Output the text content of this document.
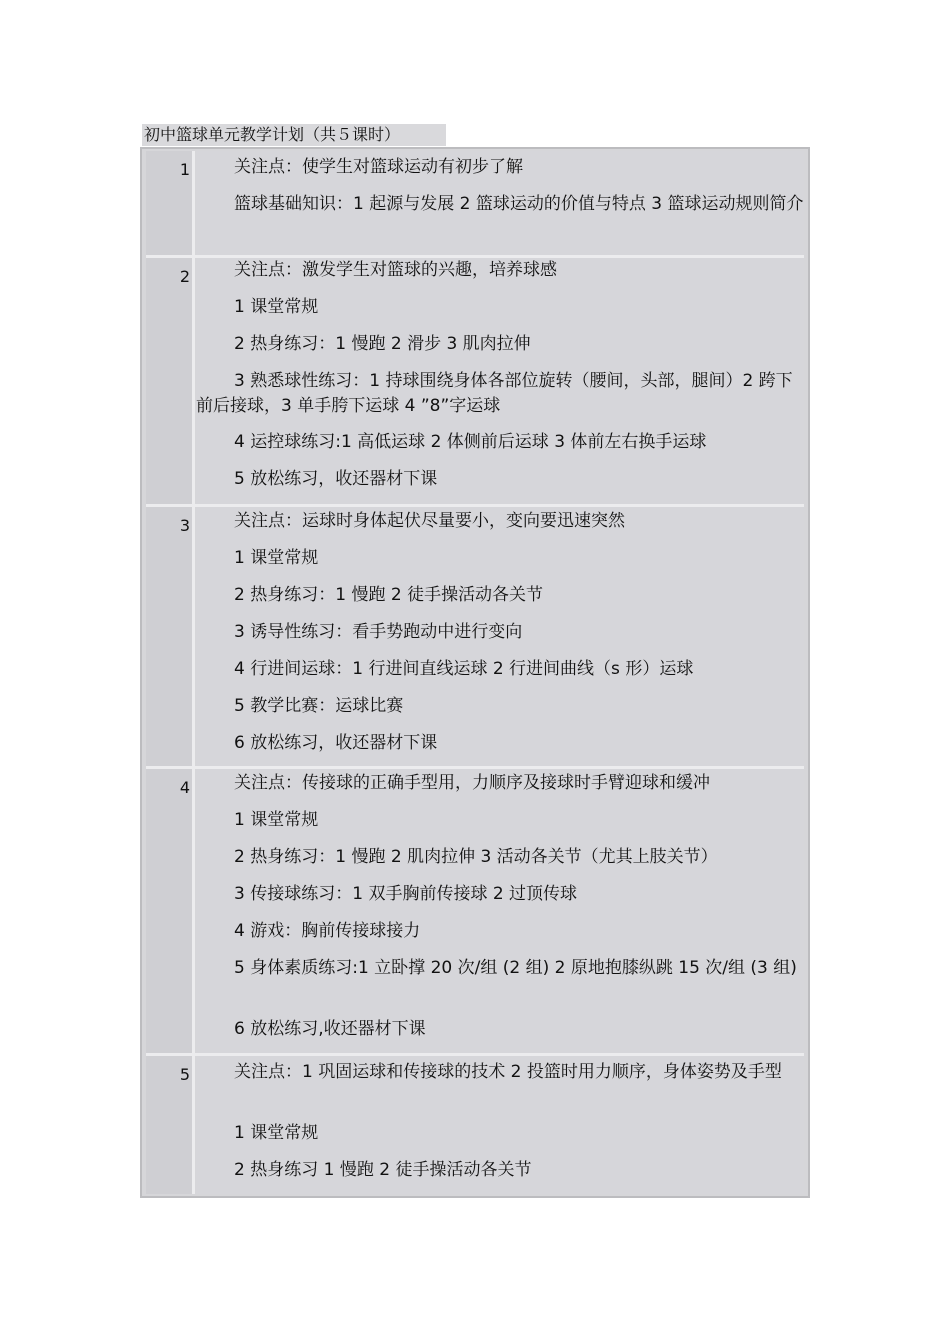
初中篮球单元教学计划（共５课时）
1	关注点：使学生对篮球运动有初步了解
篮球基础知识：1 起源与发展 2 篮球运动的价值与特点 3 篮球运动规则简介
2	关注点：激发学生对篮球的兴趣，培养球感
1 课堂常规
2 热身练习：1 慢跑 2 滑步 3 肌肉拉伸
3 熟悉球性练习：1 持球围绕身体各部位旋转（腰间，头部，腿间）2 跨下前后接球，3 单手胯下运球 4 ”8”字运球
4 运控球练习:1 高低运球 2 体侧前后运球 3 体前左右换手运球
5 放松练习，收还器材下课
3	关注点：运球时身体起伏尽量要小，变向要迅速突然
1 课堂常规
2 热身练习：1 慢跑 2 徒手操活动各关节
3 诱导性练习：看手势跑动中进行变向
4 行进间运球：1 行进间直线运球 2 行进间曲线（s 形）运球
5 教学比赛：运球比赛
6 放松练习，收还器材下课
4	关注点：传接球的正确手型用，力顺序及接球时手臂迎球和缓冲
1 课堂常规
2 热身练习：1 慢跑 2 肌肉拉伸 3 活动各关节（尤其上肢关节）
3 传接球练习：1 双手胸前传接球 2 过顶传球
4 游戏：胸前传接球接力
5 身体素质练习:1 立卧撑 20 次/组 (2 组) 2 原地抱膝纵跳 15 次/组 (3 组)
6 放松练习,收还器材下课
5	关注点：1 巩固运球和传接球的技术 2 投篮时用力顺序，身体姿势及手型
1 课堂常规
2 热身练习 1 慢跑 2 徒手操活动各关节
